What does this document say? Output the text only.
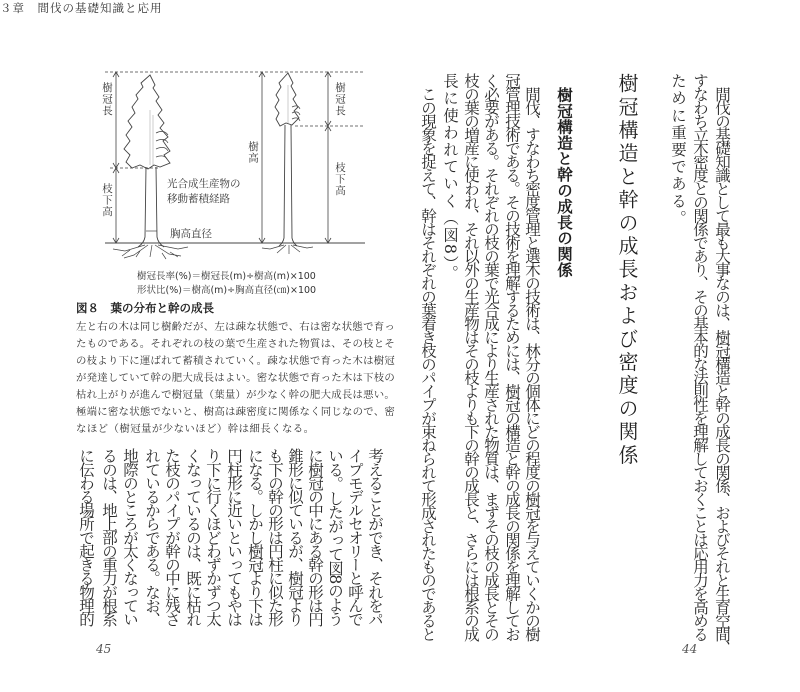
３章　間伐の基礎知識と応用
樹冠長
枝下高
樹高
樹冠長
枝下高
光合成生産物の
移動蓄積経路
胸高直径
樹冠長率(%)＝樹冠長(m)÷樹高(m)×100
形状比(%)＝樹高(m)÷胸高直径(㎝)×100
図８　葉の分布と幹の成長
左と右の木は同じ樹齢だが、左は疎な状態で、右は密な状態で育っ
たものである。それぞれの枝の葉で生産された物質は、その枝とそ
の枝より下に運ばれて蓄積されていく。疎な状態で育った木は樹冠
が発達していて幹の肥大成長はよい。密な状態で育った木は下枝の
枯れ上がりが進んで樹冠量（葉量）が少なく幹の肥大成長は悪い。
極端に密な状態でないと、樹高は疎密度に関係なく同じなので、密
なほど（樹冠量が少ないほど）幹は細長くなる。
考えることができ、それをパ
イプモデルセオリーと呼んで
いる。したがって図8のよう
に樹冠の中にある幹の形は円
錐形に似ているが、樹冠より
も下の幹の形は円柱に似た形
になる。しかし樹冠より下は
円柱形に近いといってもやは
り下に行くほどわずかずつ太
くなっているのは、既に枯れ
た枝のパイプが幹の中に残さ
れているからである。なお、
地際のところが太くなってい
るのは、地上部の重力が根系
に伝わる場所で起きる物理的
45	　間伐の基礎知識として最も大事なのは、樹冠構造と幹の成長の関係、およびそれと生育空間、
すなわち立木密度との関係であり、その基本的な法則性を理解しておくことは応用力を高める
ために重要である。
樹冠構造と幹の成長および密度の関係
樹冠構造と幹の成長の関係
　間伐、すなわち密度管理と選木の技術は、林分の個体にどの程度の樹冠を与えていくかの樹
冠管理技術である。その技術を理解するためには、樹冠の構造と幹の成長の関係を理解してお
く必要がある。それぞれの枝の葉で光合成により生産された物質は、まずその枝の成長とその
枝の葉の増産に使われ、それ以外の生産物はその枝よりも下の幹の成長と、さらには根系の成
長に使われていく（図8）。
　この現象を捉えて、幹はそれぞれの葉着き枝のパイプが束ねられて形成されたものであると
44
